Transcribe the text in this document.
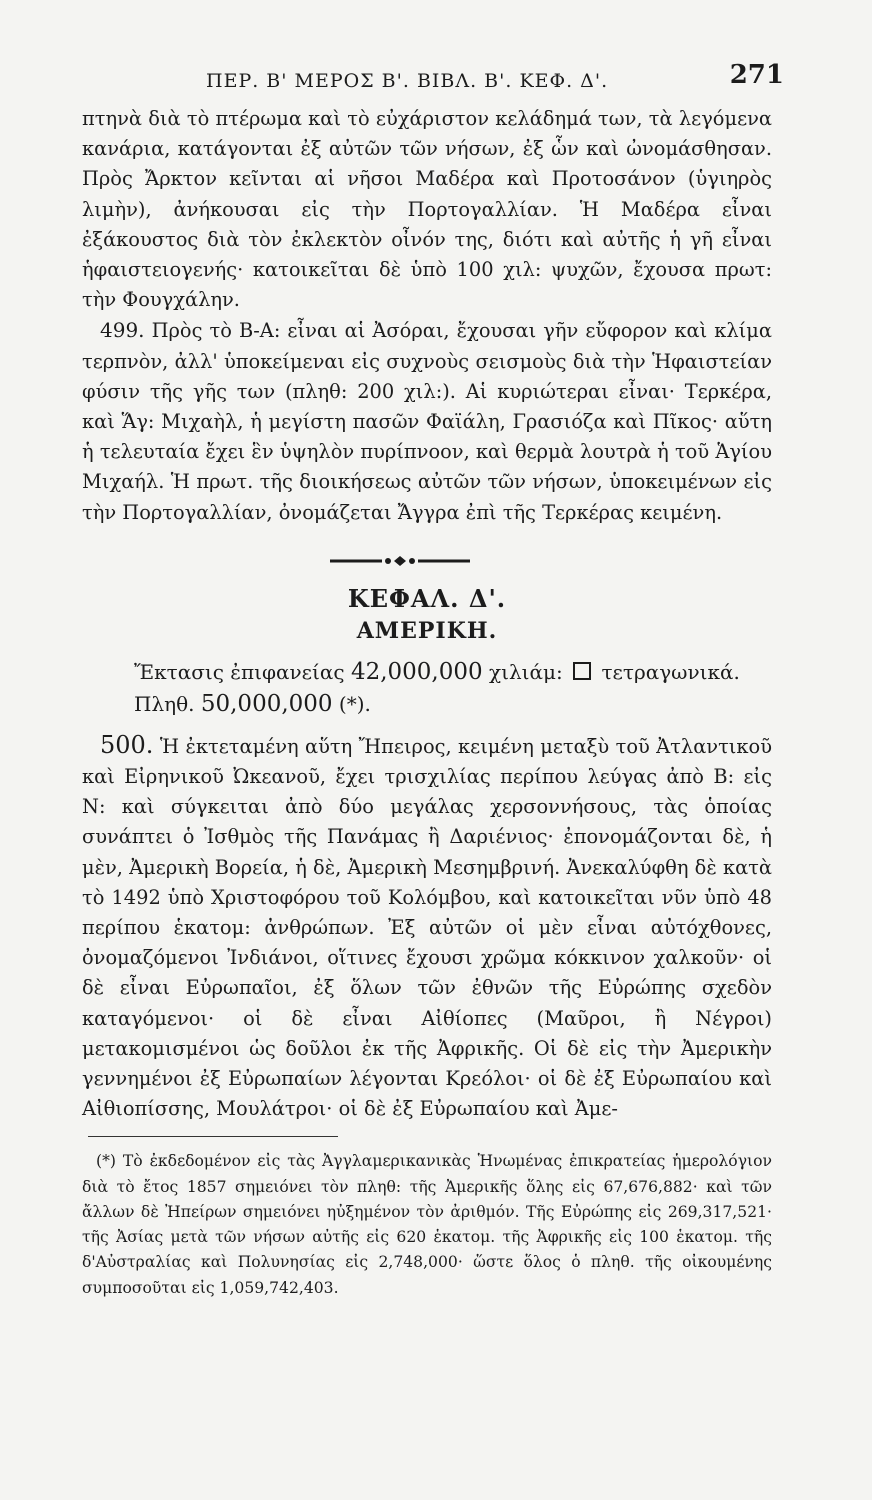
ΠΕΡ. Β' ΜΕΡΟΣ Β'. ΒΙΒΛ. Β'. ΚΕΦ. Δ'.	271

πτηνὰ διὰ τὸ πτέρωμα καὶ τὸ εὐχάριστον κελάδημά των, τὰ λεγόμενα κανάρια, κατάγονται ἐξ αὐτῶν τῶν νήσων, ἐξ ὧν καὶ ὠνομάσθησαν. Πρὸς Ἄρκτον κεῖνται αἱ νῆσοι Μαδέρα καὶ Προτοσάνον (ὑγιηρὸς λιμὴν), ἀνήκουσαι εἰς τὴν Πορτογαλλίαν. Ἡ Μαδέρα εἶναι ἐξάκουστος διὰ τὸν ἐκλεκτὸν οἶνόν της, διότι καὶ αὐτῆς ἡ γῆ εἶναι ἡφαιστειογενής· κατοικεῖται δὲ ὑπὸ 100 χιλ: ψυχῶν, ἔχουσα πρωτ: τὴν Φουγχάλην.

499. Πρὸς τὸ Β-Α: εἶναι αἱ Ἀσόραι, ἔχουσαι γῆν εὔφορον καὶ κλίμα τερπνὸν, ἀλλ' ὑποκείμεναι εἰς συχνοὺς σεισμοὺς διὰ τὴν Ἡφαιστείαν φύσιν τῆς γῆς των (πληθ: 200 χιλ:). Αἱ κυριώτεραι εἶναι· Τερκέρα, καὶ Ἅγ: Μιχαὴλ, ἡ μεγίστη πασῶν Φαϊάλη, Γρασιόζα καὶ Πῖκος· αὕτη ἡ τελευταία ἔχει ἓν ὑψηλὸν πυρίπνοον, καὶ θερμὰ λουτρὰ ἡ τοῦ Ἁγίου Μιχαήλ. Ἡ πρωτ. τῆς διοικήσεως αὐτῶν τῶν νήσων, ὑποκειμένων εἰς τὴν Πορτογαλλίαν, ὀνομάζεται Ἄγγρα ἐπὶ τῆς Τερκέρας κειμένη.

ΚΕΦΑΛ. Δ'.
ΑΜΕΡΙΚΗ.
Ἔκτασις ἐπιφανείας 42,000,000 χιλιάμ: τετραγωνικά.
Πληθ. 50,000,000 (*).

500. Ἡ ἐκτεταμένη αὕτη Ἤπειρος, κειμένη μεταξὺ τοῦ Ἀτλαντικοῦ καὶ Εἰρηνικοῦ Ὠκεανοῦ, ἔχει τρισχιλίας περίπου λεύγας ἀπὸ Β: εἰς Ν: καὶ σύγκειται ἀπὸ δύο μεγάλας χερσοννήσους, τὰς ὁποίας συνάπτει ὁ Ἰσθμὸς τῆς Πανάμας ἢ Δαριένιος· ἐπονομάζονται δὲ, ἡ μὲν, Ἀμερικὴ Βορεία, ἡ δὲ, Ἀμερικὴ Μεσημβρινή. Ἀνεκαλύφθη δὲ κατὰ τὸ 1492 ὑπὸ Χριστοφόρου τοῦ Κολόμβου, καὶ κατοικεῖται νῦν ὑπὸ 48 περίπου ἑκατομ: ἀνθρώπων. Ἐξ αὐτῶν οἱ μὲν εἶναι αὐτόχθονες, ὀνομαζόμενοι Ἰνδιάνοι, οἵτινες ἔχουσι χρῶμα κόκκινον χαλκοῦν· οἱ δὲ εἶναι Εὐρωπαῖοι, ἐξ ὅλων τῶν ἐθνῶν τῆς Εὐρώπης σχεδὸν καταγόμενοι· οἱ δὲ εἶναι Αἰθίοπες (Μαῦροι, ἢ Νέγροι) μετακομισμένοι ὡς δοῦλοι ἐκ τῆς Ἀφρικῆς. Οἱ δὲ εἰς τὴν Ἀμερικὴν γεννημένοι ἐξ Εὐρωπαίων λέγονται Κρεόλοι· οἱ δὲ ἐξ Εὐρωπαίου καὶ Αἰθιοπίσσης, Μουλάτροι· οἱ δὲ ἐξ Εὐρωπαίου καὶ Ἀμε-

(*) Τὸ ἐκδεδομένον εἰς τὰς Ἀγγλαμερικανικὰς Ἡνωμένας ἐπικρατείας ἡμερολόγιον διὰ τὸ ἔτος 1857 σημειόνει τὸν πληθ: τῆς Ἀμερικῆς ὅλης εἰς 67,676,882· καὶ τῶν ἄλλων δὲ Ἠπείρων σημειόνει ηὐξημένον τὸν ἀριθμόν. Τῆς Εὐρώπης εἰς 269,317,521· τῆς Ἀσίας μετὰ τῶν νήσων αὐτῆς εἰς 620 ἑκατομ. τῆς Ἀφρικῆς εἰς 100 ἑκατομ. τῆς δ'Αὐστραλίας καὶ Πολυνησίας εἰς 2,748,000· ὥστε ὅλος ὁ πληθ. τῆς οἰκουμένης συμποσοῦται εἰς 1,059,742,403.
